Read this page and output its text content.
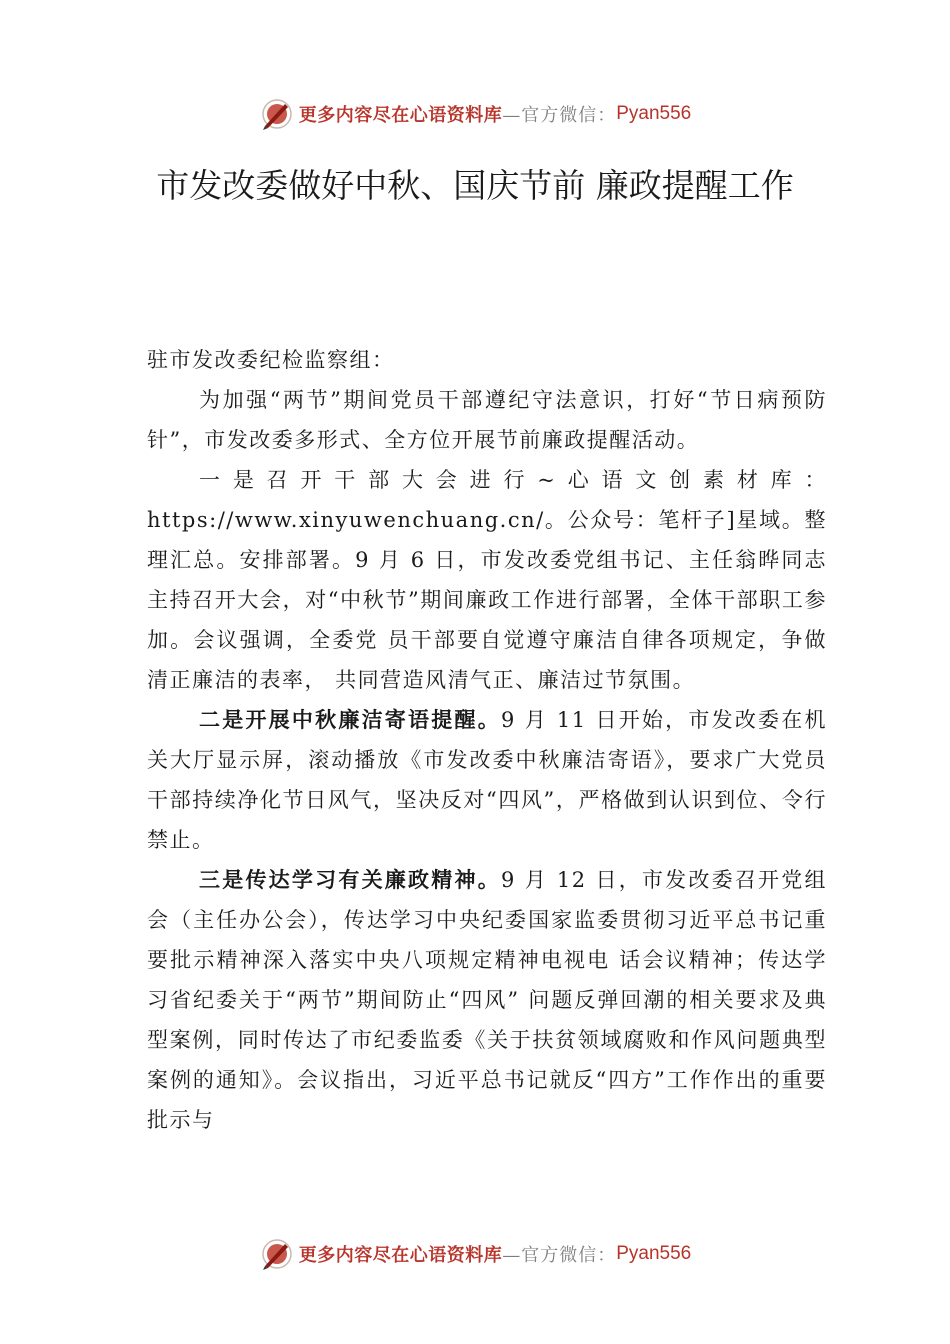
更多内容尽在心语资料库 —官方微信： Pyan556
市发改委做好中秋、国庆节前 廉政提醒工作

驻市发改委纪检监察组：

为加强“两节”期间党员干部遵纪守法意识，打好“节日病预防针”，市发改委多形式、全方位开展节前廉政提醒活动。

一是召开干部大会进行~心语文创素材库：https://www.xinyuwenchuang.cn/。公众号：笔杆子]星域。整理汇总。安排部署。9 月 6 日，市发改委党组书记、主任翁晔同志主持召开大会，对“中秋节”期间廉政工作进行部署，全体干部职工参加。会议强调，全委党 员干部要自觉遵守廉洁自律各项规定，争做清正廉洁的表率， 共同营造风清气正、廉洁过节氛围。

二是开展中秋廉洁寄语提醒。9 月 11 日开始，市发改委在机关大厅显示屏，滚动播放《市发改委中秋廉洁寄语》，要求广大党员干部持续净化节日风气，坚决反对“四风”，严格做到认识到位、令行禁止。

三是传达学习有关廉政精神。9 月 12 日，市发改委召开党组会（主任办公会），传达学习中央纪委国家监委贯彻习近平总书记重要批示精神深入落实中央八项规定精神电视电 话会议精神；传达学习省纪委关于“两节”期间防止“四风” 问题反弹回潮的相关要求及典型案例，同时传达了市纪委监委《关于扶贫领域腐败和作风问题典型案例的通知》。会议指出，习近平总书记就反“四方”工作作出的重要批示与

更多内容尽在心语资料库 —官方微信： Pyan556
